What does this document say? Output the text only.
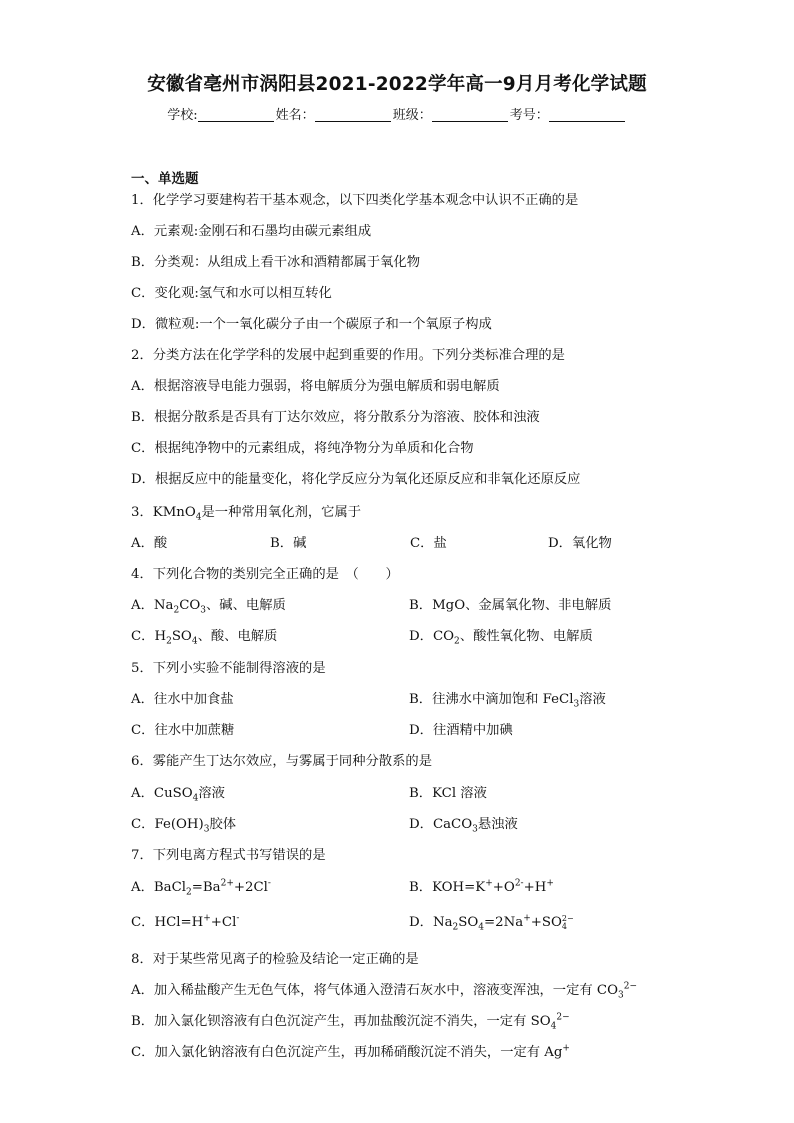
安徽省亳州市涡阳县2021-2022学年高一9月月考化学试题
学校:	姓名：	班级：	考号：
一、单选题
1．化学学习要建构若干基本观念，以下四类化学基本观念中认识不正确的是
A．元素观:金刚石和石墨均由碳元素组成
B．分类观：从组成上看干冰和酒精都属于氧化物
C．变化观:氢气和水可以相互转化
D．微粒观:一个一氧化碳分子由一个碳原子和一个氧原子构成
2．分类方法在化学学科的发展中起到重要的作用。下列分类标准合理的是
A．根据溶液导电能力强弱，将电解质分为强电解质和弱电解质
B．根据分散系是否具有丁达尔效应，将分散系分为溶液、胶体和浊液
C．根据纯净物中的元素组成，将纯净物分为单质和化合物
D．根据反应中的能量变化，将化学反应分为氧化还原反应和非氧化还原反应
3．KMnO$_4$是一种常用氧化剂，它属于
A．酸	B．碱	C．盐	D．氧化物
4．下列化合物的类别完全正确的是　（　　）
A．$Na_2CO_3$、碱、电解质	B．MgO、金属氧化物、非电解质
C．$H_2SO_4$、酸、电解质	D．$CO_2$、酸性氧化物、电解质
5．下列小实验不能制得溶液的是
A．往水中加食盐	B．往沸水中滴加饱和 FeCl$_3$溶液
C．往水中加蔗糖	D．往酒精中加碘
6．雾能产生丁达尔效应，与雾属于同种分散系的是
A．CuSO$_4$溶液	B．KCl 溶液
C．$Fe(OH)_3$胶体	D．CaCO$_3$悬浊液
7．下列电离方程式书写错误的是
A．$BaCl_2=Ba^{2+}+2Cl^-$	B．$KOH=K^++O^{2-}+H^+$
C．HCl=H++Cl-	D．$Na_2SO_4=2Na^++SO$ 2−
4
8．对于某些常见离子的检验及结论一定正确的是
A．加入稀盐酸产生无色气体，将气体通入澄清石灰水中，溶液变浑浊，一定有 $CO_3^{2-}$
B．加入氯化钡溶液有白色沉淀产生，再加盐酸沉淀不消失，一定有 $SO_4^{2-}$
C．加入氯化钠溶液有白色沉淀产生，再加稀硝酸沉淀不消失，一定有 Ag+
